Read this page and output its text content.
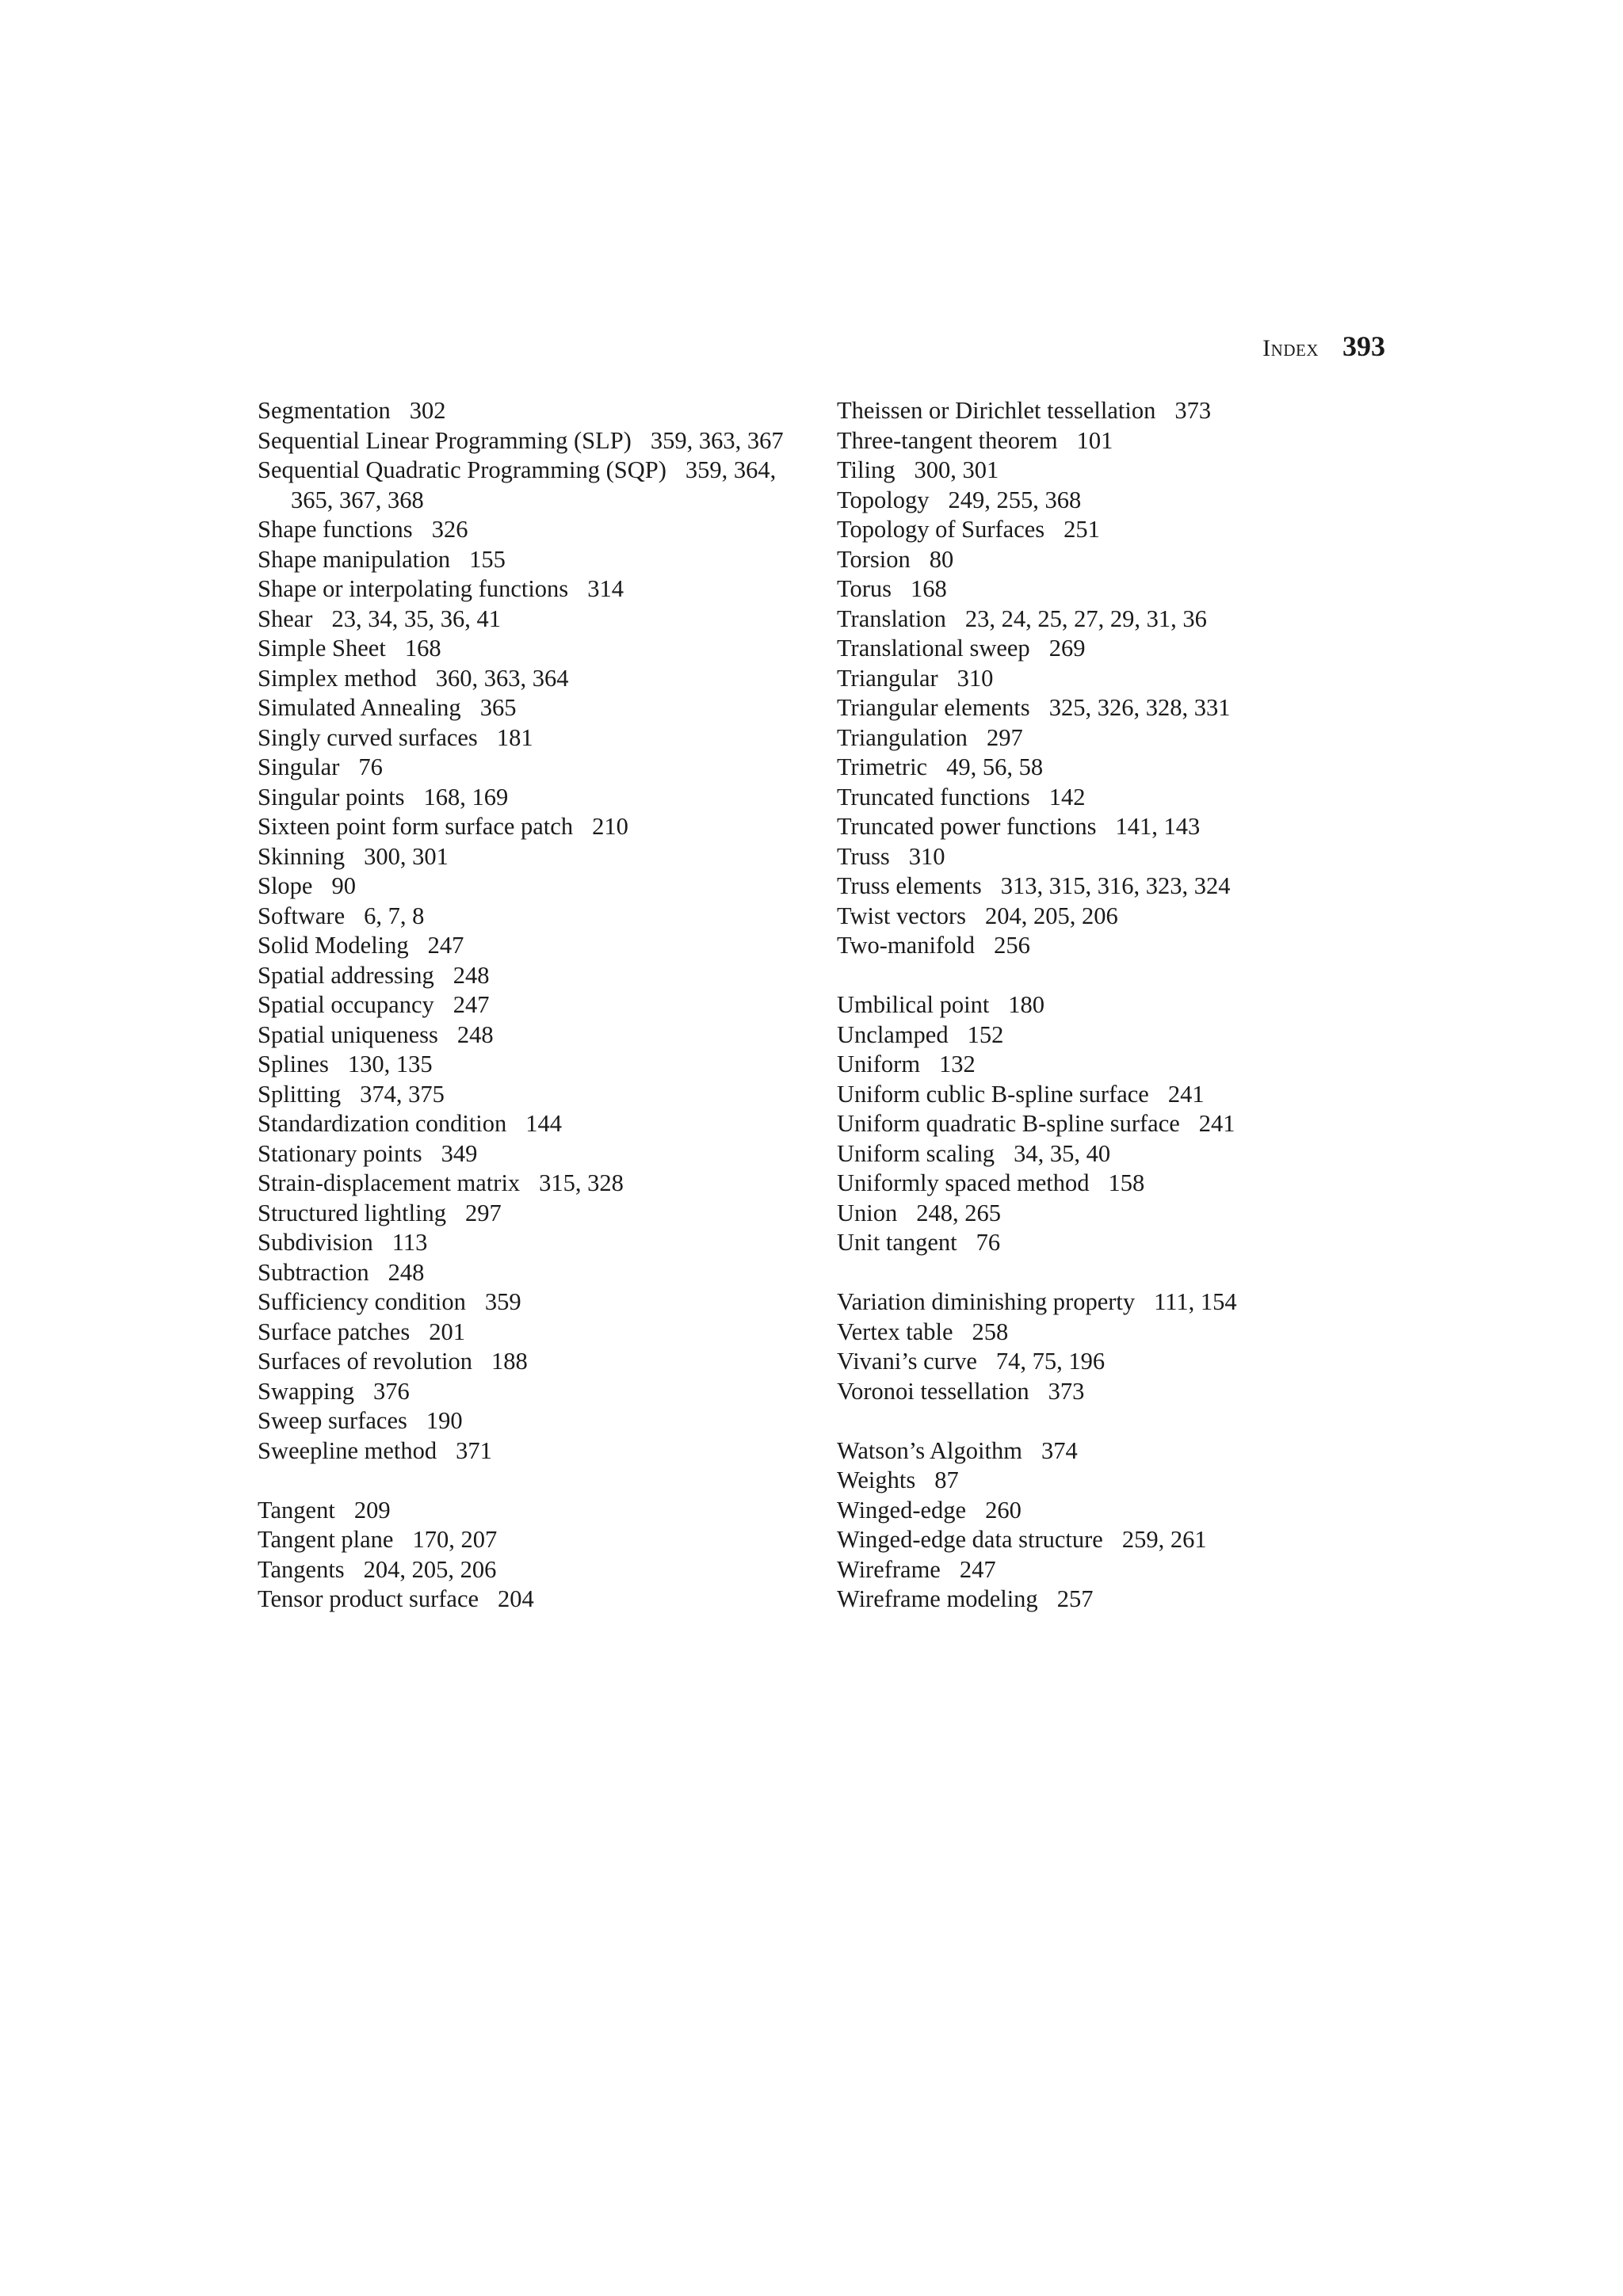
Index 393
Segmentation 302
Sequential Linear Programming (SLP) 359, 363, 367
Sequential Quadratic Programming (SQP) 359, 364, 365, 367, 368
Shape functions 326
Shape manipulation 155
Shape or interpolating functions 314
Shear 23, 34, 35, 36, 41
Simple Sheet 168
Simplex method 360, 363, 364
Simulated Annealing 365
Singly curved surfaces 181
Singular 76
Singular points 168, 169
Sixteen point form surface patch 210
Skinning 300, 301
Slope 90
Software 6, 7, 8
Solid Modeling 247
Spatial addressing 248
Spatial occupancy 247
Spatial uniqueness 248
Splines 130, 135
Splitting 374, 375
Standardization condition 144
Stationary points 349
Strain-displacement matrix 315, 328
Structured lightling 297
Subdivision 113
Subtraction 248
Sufficiency condition 359
Surface patches 201
Surfaces of revolution 188
Swapping 376
Sweep surfaces 190
Sweepline method 371
Tangent 209
Tangent plane 170, 207
Tangents 204, 205, 206
Tensor product surface 204
Theissen or Dirichlet tessellation 373
Three-tangent theorem 101
Tiling 300, 301
Topology 249, 255, 368
Topology of Surfaces 251
Torsion 80
Torus 168
Translation 23, 24, 25, 27, 29, 31, 36
Translational sweep 269
Triangular 310
Triangular elements 325, 326, 328, 331
Triangulation 297
Trimetric 49, 56, 58
Truncated functions 142
Truncated power functions 141, 143
Truss 310
Truss elements 313, 315, 316, 323, 324
Twist vectors 204, 205, 206
Two-manifold 256
Umbilical point 180
Unclamped 152
Uniform 132
Uniform cublic B-spline surface 241
Uniform quadratic B-spline surface 241
Uniform scaling 34, 35, 40
Uniformly spaced method 158
Union 248, 265
Unit tangent 76
Variation diminishing property 111, 154
Vertex table 258
Vivani’s curve 74, 75, 196
Voronoi tessellation 373
Watson’s Algoithm 374
Weights 87
Winged-edge 260
Winged-edge data structure 259, 261
Wireframe 247
Wireframe modeling 257
